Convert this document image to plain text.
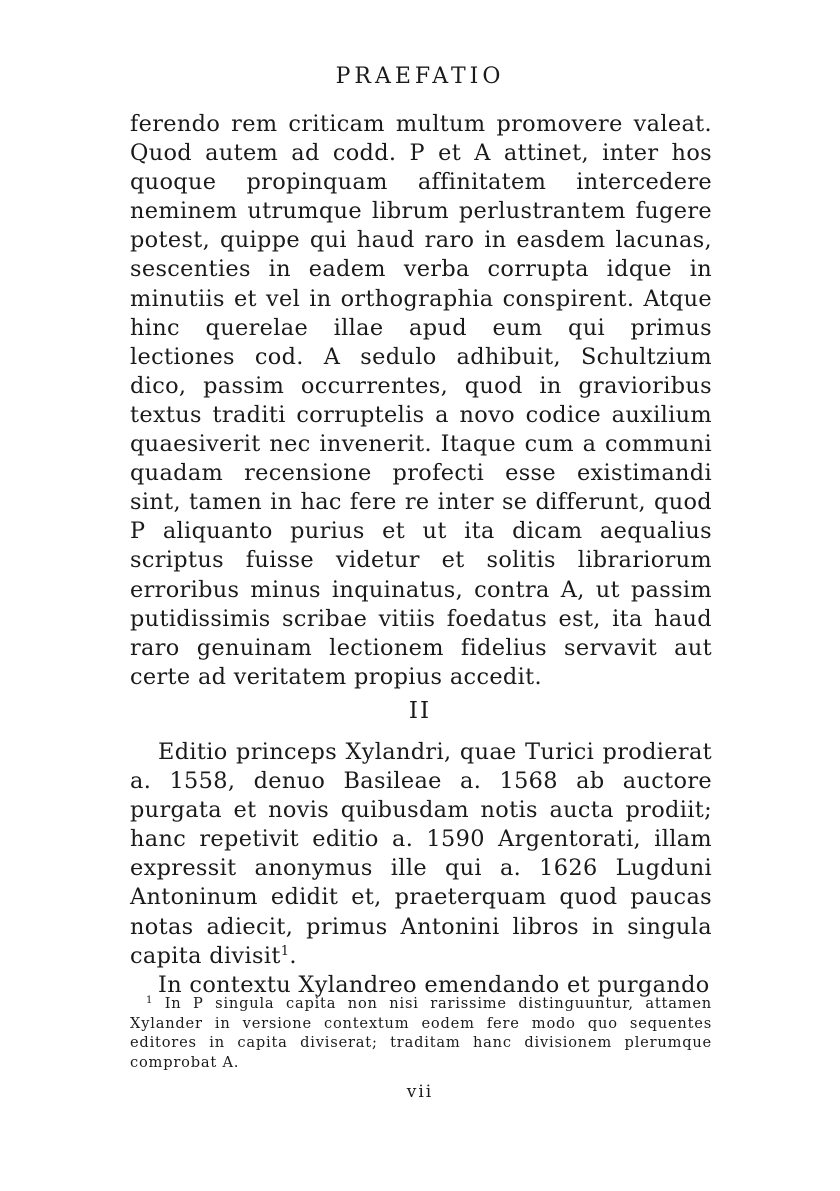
PRAEFATIO

ferendo rem criticam multum promovere valeat. Quod autem ad codd. P et A attinet, inter hos quoque propinquam affinitatem intercedere neminem utrumque librum perlustrantem fugere potest, quippe qui haud raro in easdem lacunas, sescenties in eadem verba corrupta idque in minutiis et vel in orthographia conspirent. Atque hinc querelae illae apud eum qui primus lectiones cod. A sedulo adhibuit, Schultzium dico, passim occurrentes, quod in gravioribus textus traditi corruptelis a novo codice auxilium quaesiverit nec invenerit. Itaque cum a communi quadam recensione profecti esse existimandi sint, tamen in hac fere re inter se differunt, quod P aliquanto purius et ut ita dicam aequalius scriptus fuisse videtur et solitis librariorum erroribus minus inquinatus, contra A, ut passim putidissimis scribae vitiis foedatus est, ita haud raro genuinam lectionem fidelius servavit aut certe ad veritatem propius accedit.

II

Editio princeps Xylandri, quae Turici prodierat a. 1558, denuo Basileae a. 1568 ab auctore purgata et novis quibusdam notis aucta prodiit; hanc repetivit editio a. 1590 Argentorati, illam expressit anonymus ille qui a. 1626 Lugduni Antoninum edidit et, praeterquam quod paucas notas adiecit, primus Antonini libros in singula capita divisit$^1$.

In contextu Xylandreo emendando et purgando

$^1$ In P singula capita non nisi rarissime distinguuntur, attamen Xylander in versione contextum eodem fere modo quo sequentes editores in capita diviserat; traditam hanc divisionem plerumque comprobat A.

vii
